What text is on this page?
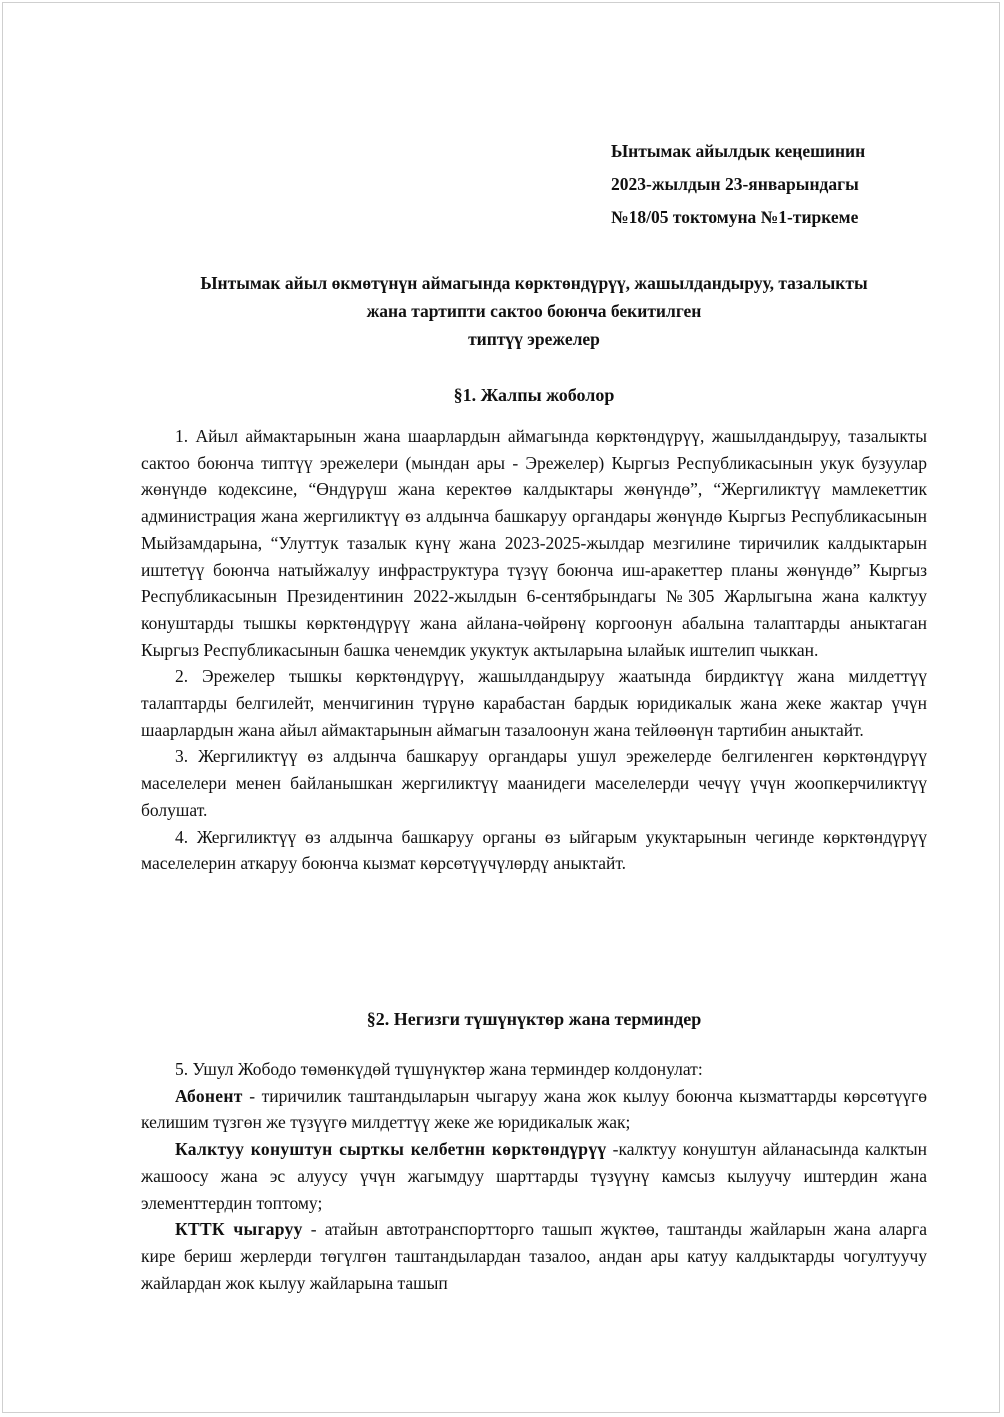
Ынтымак айылдык кеңешинин
2023-жылдын 23-январындагы
№18/05 токтомуна №1-тиркеме
Ынтымак айыл өкмөтүнүн аймагында көрктөндүрүү, жашылдандыруу, тазалыкты
жана тартипти сактоо боюнча бекитилген
типтүү эрежелер
§1. Жалпы жоболор

1. Айыл аймактарынын жана шаарлардын аймагында көрктөндүрүү, жашылдандыруу, тазалыкты сактоо боюнча типтүү эрежелери (мындан ары - Эрежелер) Кыргыз Республикасынын укук бузуулар жөнүндө кодексине, “Өндүрүш жана керектөө калдыктары жөнүндө”, “Жергиликтүү мамлекеттик администрация жана жергиликтүү өз алдынча башкаруу органдары жөнүндө Кыргыз Республикасынын Мыйзамдарына, “Улуттук тазалык күнү жана 2023-2025-жылдар мезгилине тиричилик калдыктарын иштетүү боюнча натыйжалуу инфраструктура түзүү боюнча иш-аракеттер планы жөнүндө” Кыргыз Республикасынын Президентинин 2022-жылдын 6-сентябрындагы №305 Жарлыгына жана калктуу конуштарды тышкы көрктөндүрүү жана айлана-чөйрөнү коргоонун абалына талаптарды аныктаган Кыргыз Республикасынын башка ченемдик укуктук актыларына ылайык иштелип чыккан.

2. Эрежелер тышкы көрктөндүрүү, жашылдандыруу жаатында бирдиктүү жана милдеттүү талаптарды белгилейт, менчигинин түрүнө карабастан бардык юридикалык жана жеке жактар үчүн шаарлардын жана айыл аймактарынын аймагын тазалоонун жана тейлөөнүн тартибин аныктайт.

3. Жергиликтүү өз алдынча башкаруу органдары ушул эрежелерде белгиленген көрктөндүрүү маселелери менен байланышкан жергиликтүү маанидеги маселелерди чечүү үчүн жоопкерчиликтүү болушат.

4. Жергиликтүү өз алдынча башкаруу органы өз ыйгарым укуктарынын чегинде көрктөндүрүү маселелерин аткаруу боюнча кызмат көрсөтүүчүлөрдү аныктайт.

§2. Негизги түшүнүктөр жана терминдер

5. Ушул Жободо төмөнкүдөй түшүнүктөр жана терминдер колдонулат:

Абонент - тиричилик таштандыларын чыгаруу жана жок кылуу боюнча кызматтарды көрсөтүүгө келишим түзгөн же түзүүгө милдеттүү жеке же юридикалык жак;

Калктуу конуштун сырткы келбетнн көрктөндүрүү -калктуу конуштун айланасында калктын жашоосу жана эс алуусу үчүн жагымдуу шарттарды түзүүнү камсыз кылуучу иштердин жана элементтердин топтому;

КТТК чыгаруу - атайын автотранспортторго ташып жүктөө, таштанды жайларын жана аларга кире бериш жерлерди төгүлгөн таштандылардан тазалоо, андан ары катуу калдыктарды чогултуучу жайлардан жок кылуу жайларына ташып
